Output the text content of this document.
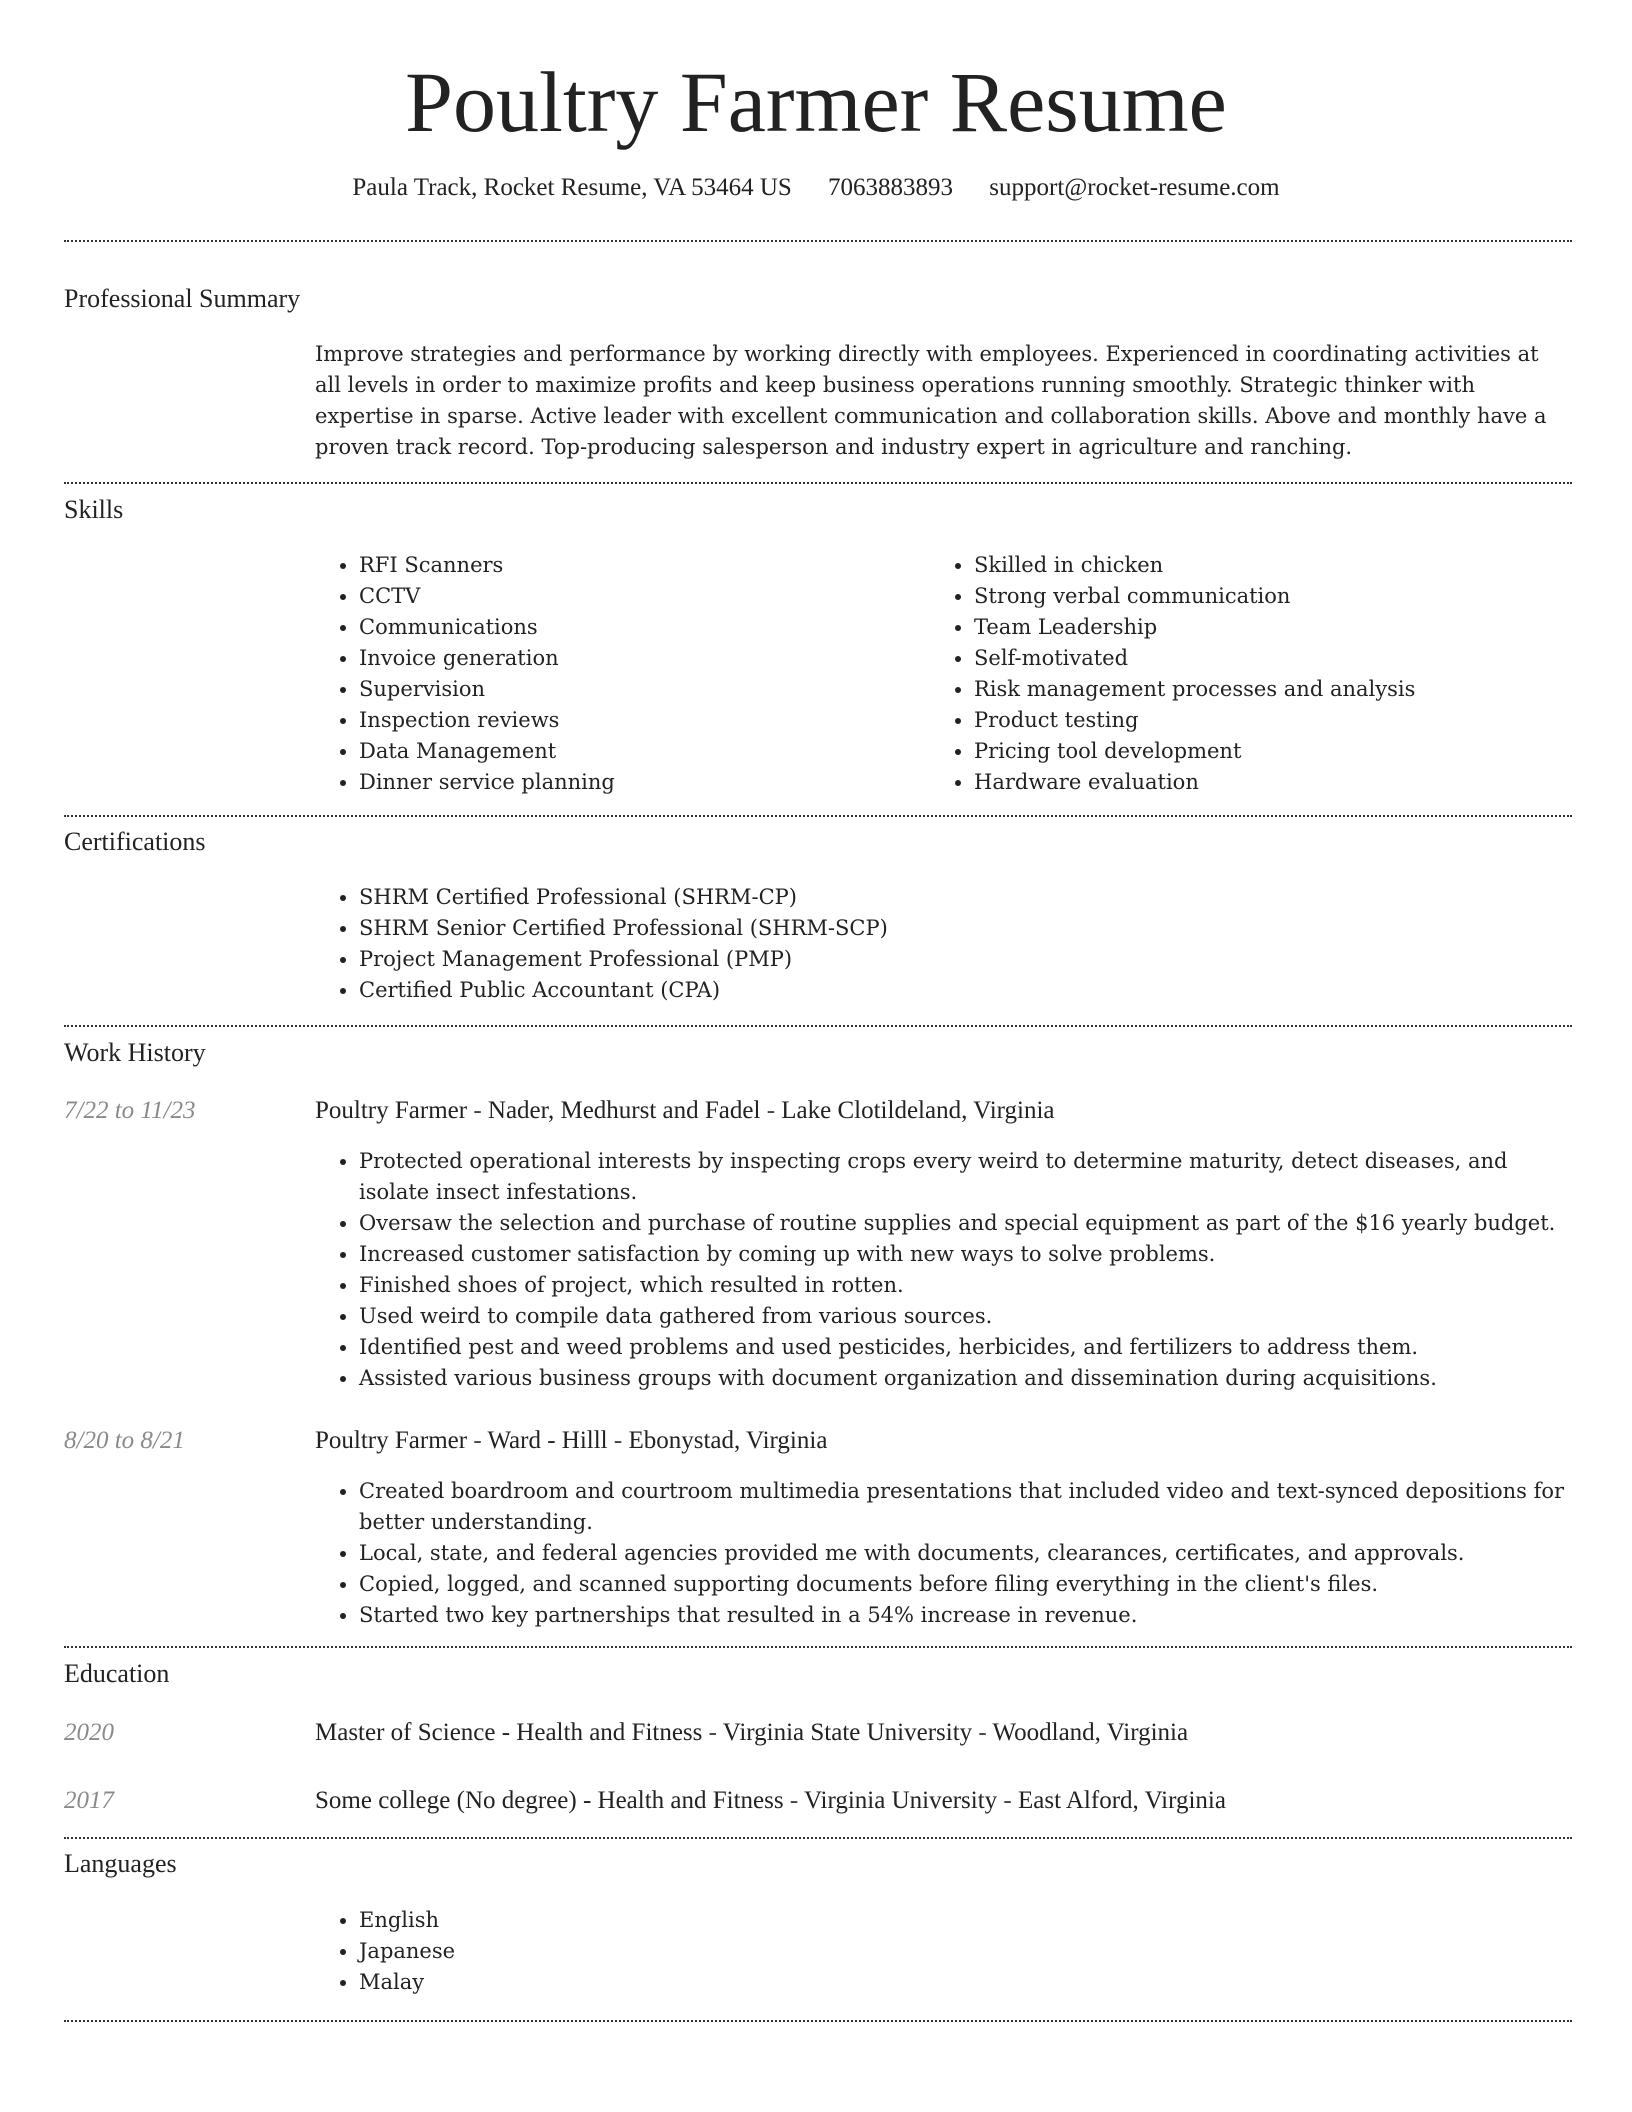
Poultry Farmer Resume
Paula Track, Rocket Resume, VA 53464 US 7063883893 support@rocket-resume.com
Professional Summary
Improve strategies and performance by working directly with employees. Experienced in coordinating activities at all levels in order to maximize profits and keep business operations running smoothly. Strategic thinker with expertise in sparse. Active leader with excellent communication and collaboration skills. Above and monthly have a proven track record. Top-producing salesperson and industry expert in agriculture and ranching.
Skills
• RFI Scanners
• CCTV
• Communications
• Invoice generation
• Supervision
• Inspection reviews
• Data Management
• Dinner service planning
• Skilled in chicken
• Strong verbal communication
• Team Leadership
• Self-motivated
• Risk management processes and analysis
• Product testing
• Pricing tool development
• Hardware evaluation
Certifications
• SHRM Certified Professional (SHRM-CP)
• SHRM Senior Certified Professional (SHRM-SCP)
• Project Management Professional (PMP)
• Certified Public Accountant (CPA)
Work History
7/22 to 11/23	Poultry Farmer - Nader, Medhurst and Fadel - Lake Clotildeland, Virginia
• Protected operational interests by inspecting crops every weird to determine maturity, detect diseases, and isolate insect infestations.
• Oversaw the selection and purchase of routine supplies and special equipment as part of the $16 yearly budget.
• Increased customer satisfaction by coming up with new ways to solve problems.
• Finished shoes of project, which resulted in rotten.
• Used weird to compile data gathered from various sources.
• Identified pest and weed problems and used pesticides, herbicides, and fertilizers to address them.
• Assisted various business groups with document organization and dissemination during acquisitions.
8/20 to 8/21	Poultry Farmer - Ward - Hilll - Ebonystad, Virginia
• Created boardroom and courtroom multimedia presentations that included video and text-synced depositions for better understanding.
• Local, state, and federal agencies provided me with documents, clearances, certificates, and approvals.
• Copied, logged, and scanned supporting documents before filing everything in the client's files.
• Started two key partnerships that resulted in a 54% increase in revenue.
Education
2020	Master of Science - Health and Fitness - Virginia State University - Woodland, Virginia
2017	Some college (No degree) - Health and Fitness - Virginia University - East Alford, Virginia
Languages
• English
• Japanese
• Malay
